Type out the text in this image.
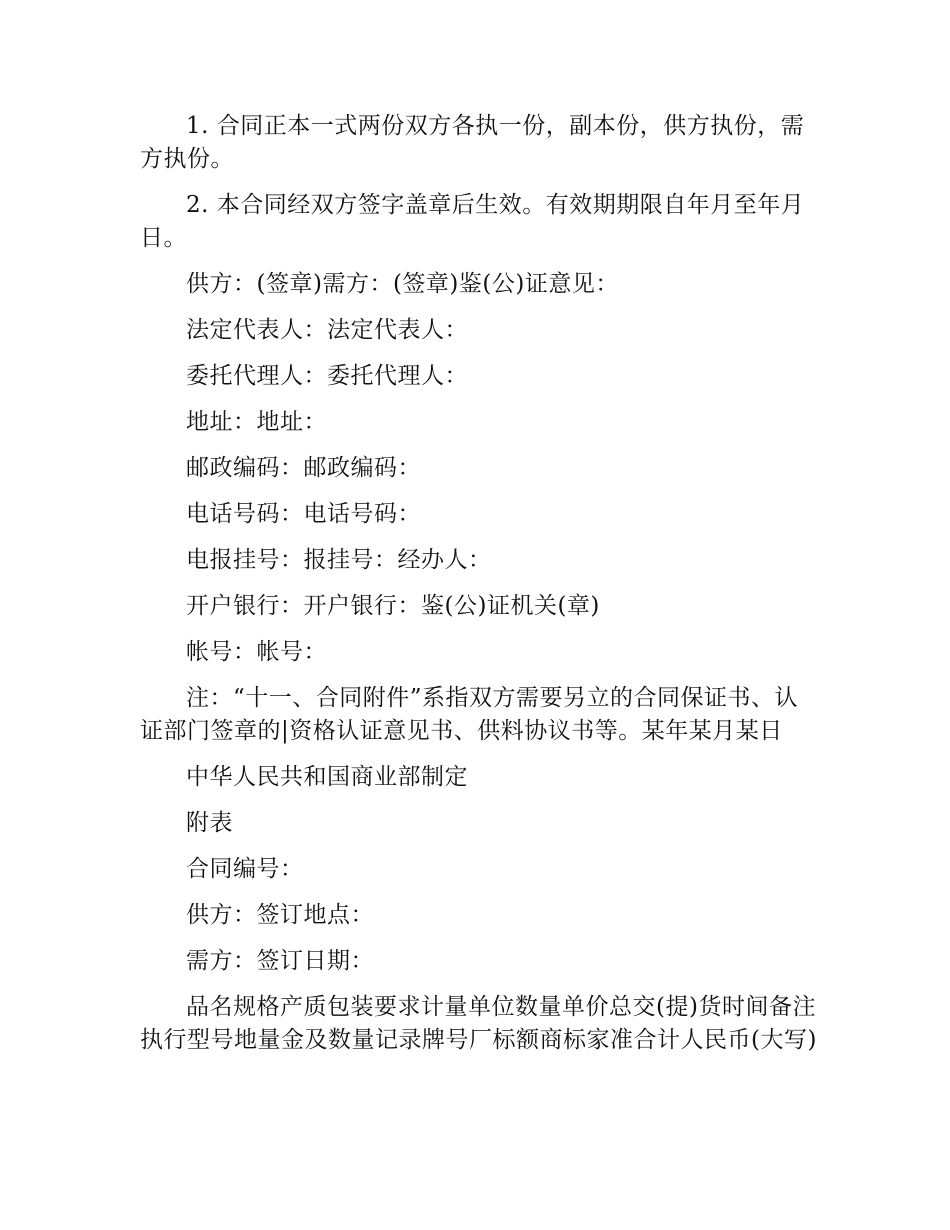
1. 合同正本一式两份双方各执一份，副本份，供方执份，需方执份。

2. 本合同经双方签字盖章后生效。有效期期限自年月至年月日。

供方：(签章)需方：(签章)鉴(公)证意见：

法定代表人：法定代表人：

委托代理人：委托代理人：

地址：地址：

邮政编码：邮政编码：

电话号码：电话号码：

电报挂号：报挂号：经办人：

开户银行：开户银行：鉴(公)证机关(章)

帐号：帐号：

注：“十一、合同附件”系指双方需要另立的合同保证书、认证部门签章的|资格认证意见书、供料协议书等。某年某月某日

中华人民共和国商业部制定

附表

合同编号：

供方：签订地点：

需方：签订日期：

品名规格产质包装要求计量单位数量单价总交(提)货时间备注执行型号地量金及数量记录牌号厂标额商标家准合计人民币(大写)
